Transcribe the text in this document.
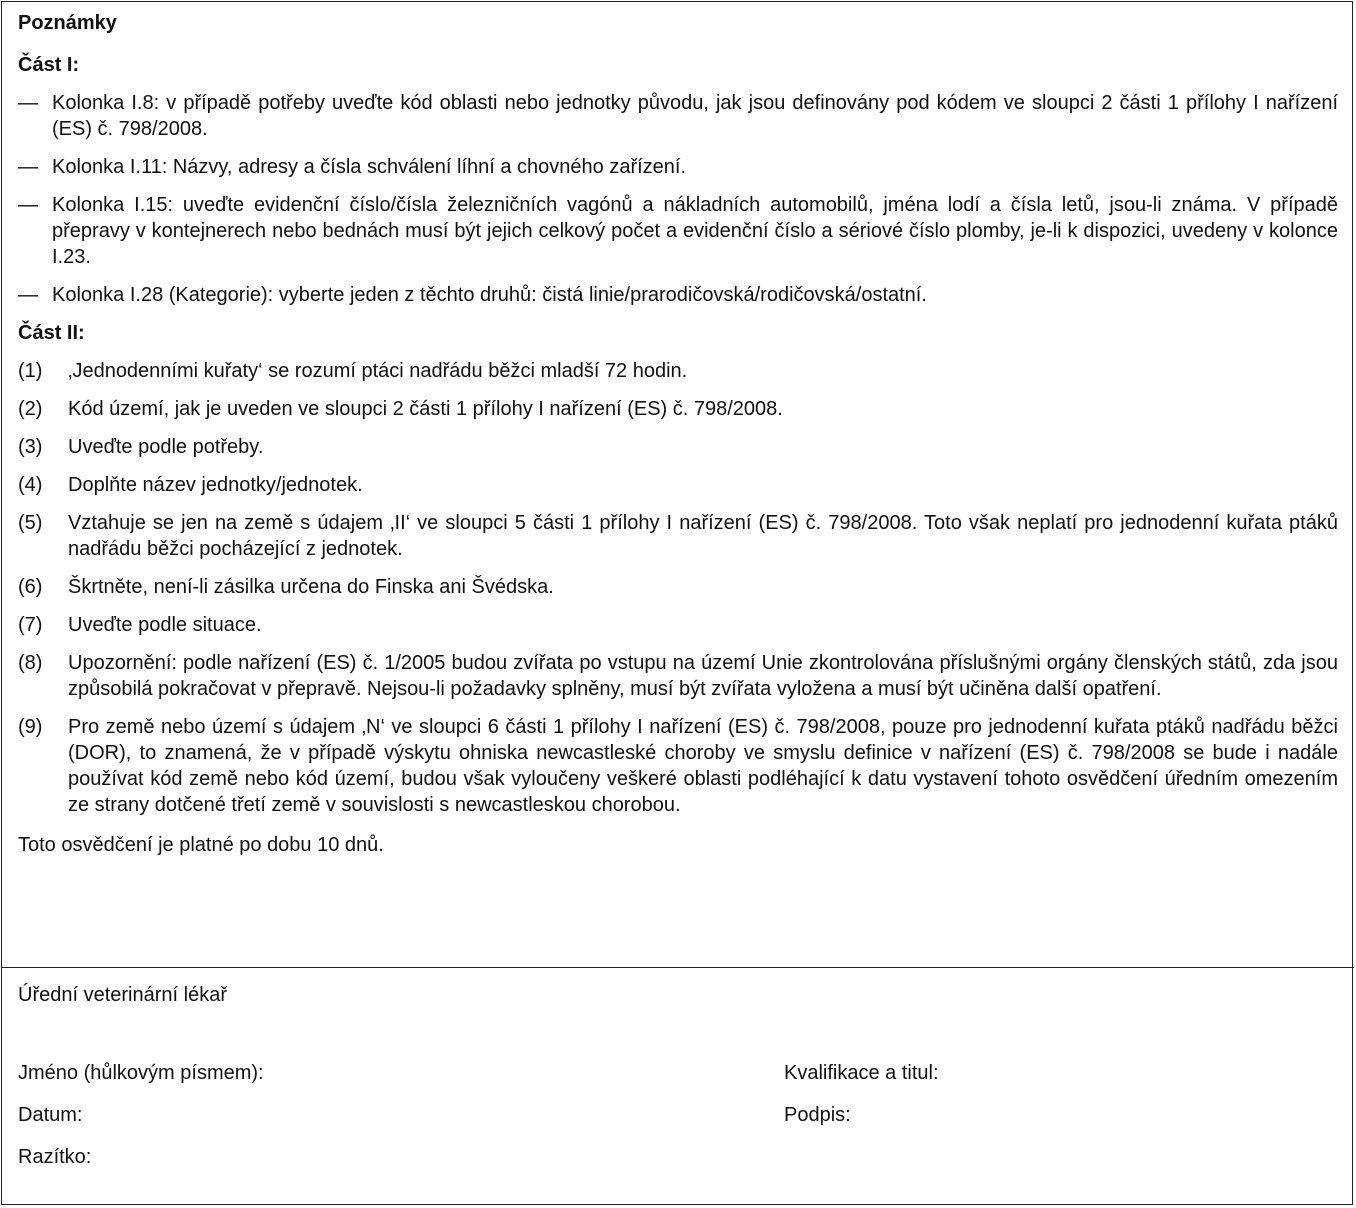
Poznámky
Část I:
— Kolonka I.8: v případě potřeby uveďte kód oblasti nebo jednotky původu, jak jsou definovány pod kódem ve sloupci 2 části 1 přílohy I nařízení (ES) č. 798/2008.
— Kolonka I.11: Názvy, adresy a čísla schválení líhní a chovného zařízení.
— Kolonka I.15: uveďte evidenční číslo/čísla železničních vagónů a nákladních automobilů, jména lodí a čísla letů, jsou-li známa. V případě přepravy v kontejnerech nebo bednách musí být jejich celkový počet a evidenční číslo a sériové číslo plomby, je-li k dispozici, uvedeny v kolonce I.23.
— Kolonka I.28 (Kategorie): vyberte jeden z těchto druhů: čistá linie/prarodičovská/rodičovská/ostatní.
Část II:
(1) ‚Jednodenními kuřaty‘ se rozumí ptáci nadřádu běžci mladší 72 hodin.
(2) Kód území, jak je uveden ve sloupci 2 části 1 přílohy I nařízení (ES) č. 798/2008.
(3) Uveďte podle potřeby.
(4) Doplňte název jednotky/jednotek.
(5) Vztahuje se jen na země s údajem ‚II‘ ve sloupci 5 části 1 přílohy I nařízení (ES) č. 798/2008. Toto však neplatí pro jednodenní kuřata ptáků nadřádu běžci pocházející z jednotek.
(6) Škrtněte, není-li zásilka určena do Finska ani Švédska.
(7) Uveďte podle situace.
(8) Upozornění: podle nařízení (ES) č. 1/2005 budou zvířata po vstupu na území Unie zkontrolována příslušnými orgány členských států, zda jsou způsobilá pokračovat v přepravě. Nejsou-li požadavky splněny, musí být zvířata vyložena a musí být učiněna další opatření.
(9) Pro země nebo území s údajem ‚N‘ ve sloupci 6 části 1 přílohy I nařízení (ES) č. 798/2008, pouze pro jednodenní kuřata ptáků nadřádu běžci (DOR), to znamená, že v případě výskytu ohniska newcastleské choroby ve smyslu definice v nařízení (ES) č. 798/2008 se bude i nadále používat kód země nebo kód území, budou však vyloučeny veškeré oblasti podléhající k datu vystavení tohoto osvědčení úředním omezením ze strany dotčené třetí země v souvislosti s newcastleskou chorobou.
Toto osvědčení je platné po dobu 10 dnů.
Úřední veterinární lékař
Jméno (hůlkovým písmem):	Kvalifikace a titul:
Datum:	Podpis:
Razítko:
